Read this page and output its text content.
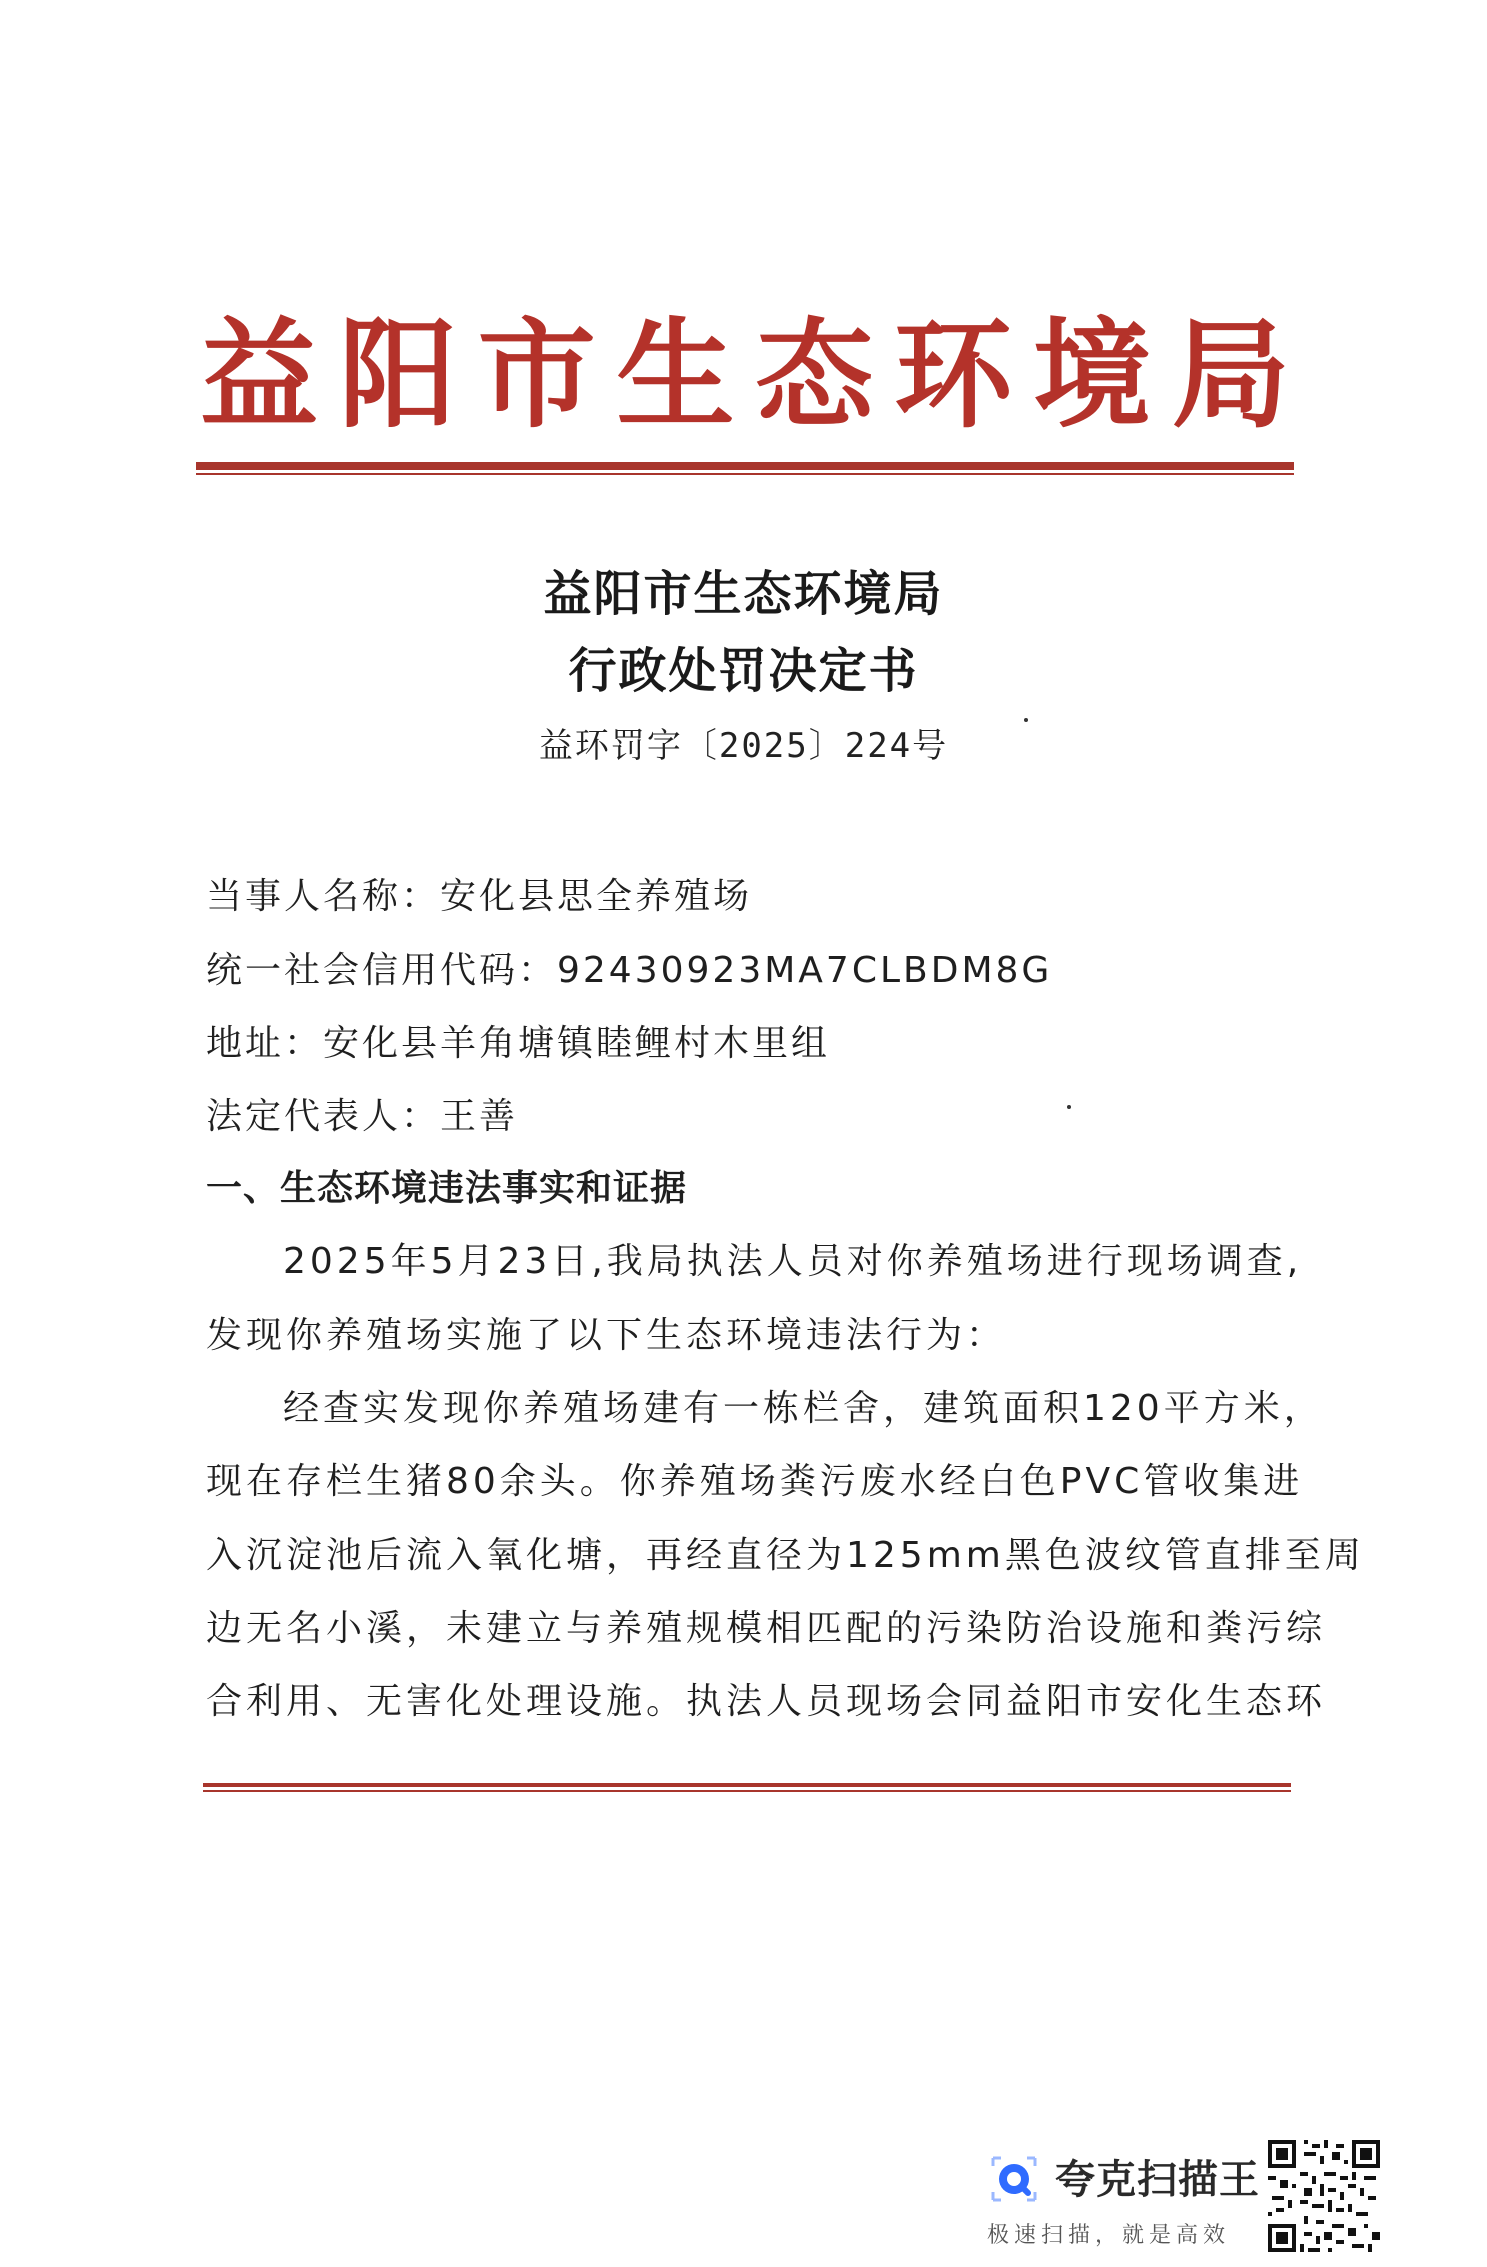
益 阳 市 生 态 环 境 局
益阳市生态环境局
行政处罚决定书
益环罚字〔2025〕224号
当事人名称：安化县思全养殖场
统一社会信用代码：92430923MA7CLBDM8G
地址：安化县羊角塘镇睦鲤村木里组
法定代表人：王善
一、生态环境违法事实和证据
2025年5月23日,我局执法人员对你养殖场进行现场调查,
发现你养殖场实施了以下生态环境违法行为：
经查实发现你养殖场建有一栋栏舍，建筑面积120平方米，
现在存栏生猪80余头。你养殖场粪污废水经白色PVC管收集进
入沉淀池后流入氧化塘，再经直径为125mm黑色波纹管直排至周
边无名小溪，未建立与养殖规模相匹配的污染防治设施和粪污综
合利用、无害化处理设施。执法人员现场会同益阳市安化生态环
夸克扫描王
极速扫描，就是高效
